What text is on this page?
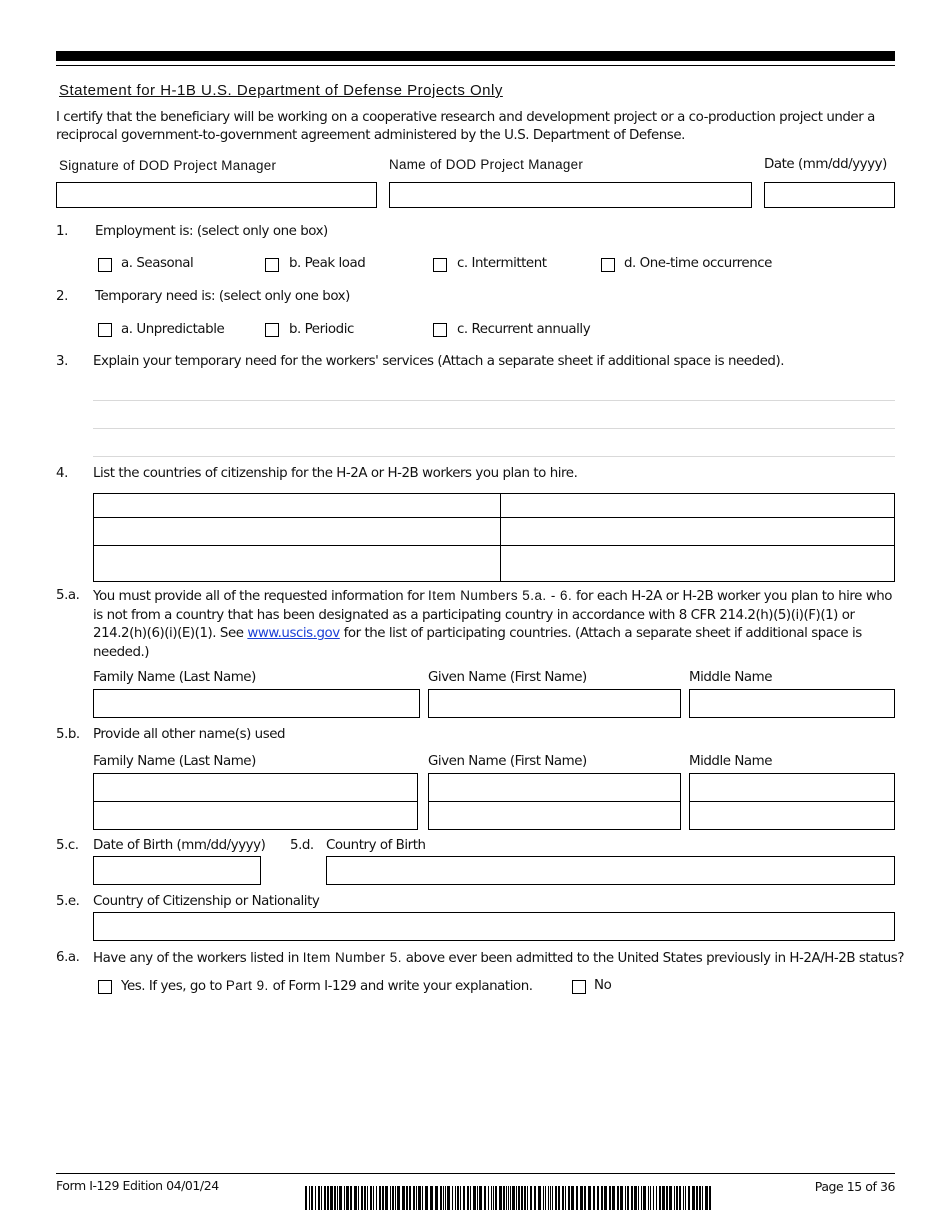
Statement for H-1B U.S. Department of Defense Projects Only
I certify that the beneficiary will be working on a cooperative research and development project or a co-production project under a reciprocal government-to-government agreement administered by the U.S. Department of Defense.
Signature of DOD Project Manager	Name of DOD Project Manager	Date (mm/dd/yyyy)
1. Employment is: (select only one box)
a. Seasonal	b. Peak load	c. Intermittent	d. One-time occurrence
2. Temporary need is: (select only one box)
a. Unpredictable	b. Periodic	c. Recurrent annually
3. Explain your temporary need for the workers' services (Attach a separate sheet if additional space is needed).
4. List the countries of citizenship for the H-2A or H-2B workers you plan to hire.
5.a. You must provide all of the requested information for Item Numbers 5.a. - 6. for each H-2A or H-2B worker you plan to hire who is not from a country that has been designated as a participating country in accordance with 8 CFR 214.2(h)(5)(i)(F)(1) or 214.2(h)(6)(i)(E)(1). See www.uscis.gov for the list of participating countries. (Attach a separate sheet if additional space is needed.)
Family Name (Last Name)	Given Name (First Name)	Middle Name
5.b. Provide all other name(s) used
Family Name (Last Name)	Given Name (First Name)	Middle Name
5.c. Date of Birth (mm/dd/yyyy) 5.d. Country of Birth
5.e. Country of Citizenship or Nationality
6.a. Have any of the workers listed in Item Number 5. above ever been admitted to the United States previously in H-2A/H-2B status?
Yes. If yes, go to Part 9. of Form I-129 and write your explanation.	No
Form I-129 Edition 04/01/24	Page 15 of 36
